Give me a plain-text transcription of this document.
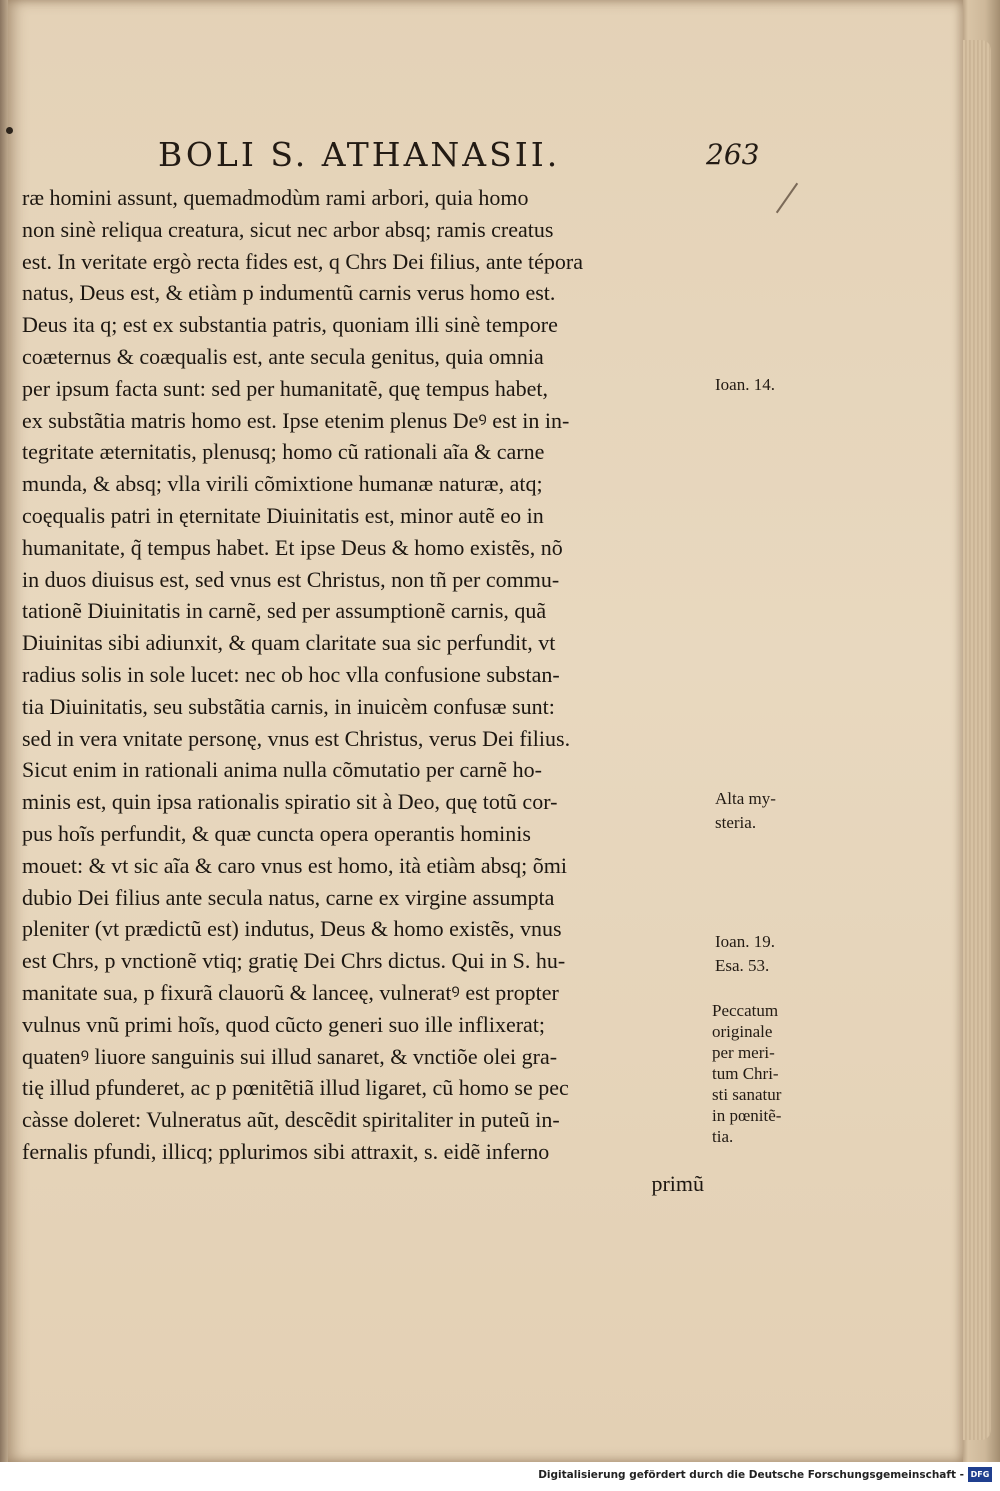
BOLI S. ATHANASII.	263
ræ homini assunt, quemadmodùm rami arbori, quia homo
non sinè reliqua creatura, sicut nec arbor absq; ramis creatus
est. In veritate ergò recta fides est, q Chrs Dei filius, ante tépora
natus, Deus est, & etiàm p indumentũ carnis verus homo est.
Deus ita q; est ex substantia patris, quoniam illi sinè tempore
coæternus & coæqualis est, ante secula genitus, quia omnia
per ipsum facta sunt: sed per humanitatẽ, quę tempus habet,
ex substãtia matris homo est. Ipse etenim plenus Deꝰ est in in-
tegritate æternitatis, plenusq; homo cũ rationali aĩa & carne
munda, & absq; vlla virili cõmixtione humanæ naturæ, atq;
coęqualis patri in ęternitate Diuinitatis est, minor autẽ eo in
humanitate, q̃ tempus habet. Et ipse Deus & homo existẽs, nõ
in duos diuisus est, sed vnus est Christus, non tñ per commu-
tationẽ Diuinitatis in carnẽ, sed per assumptionẽ carnis, quã
Diuinitas sibi adiunxit, & quam claritate sua sic perfundit, vt
radius solis in sole lucet: nec ob hoc vlla confusione substan-
tia Diuinitatis, seu substãtia carnis, in inuicèm confusæ sunt:
sed in vera vnitate personę, vnus est Christus, verus Dei filius.
Sicut enim in rationali anima nulla cõmutatio per carnẽ ho-
minis est, quin ipsa rationalis spiratio sit à Deo, quę totũ cor-
pus hoĩs perfundit, & quæ cuncta opera operantis hominis
mouet: & vt sic aĩa & caro vnus est homo, ità etiàm absq; õmi
dubio Dei filius ante secula natus, carne ex virgine assumpta
pleniter (vt prædictũ est) indutus, Deus & homo existẽs, vnus
est Chrs, p vnctionẽ vtiq; gratię Dei Chrs dictus. Qui in S. hu-
manitate sua, p fixurã clauorũ & lanceę, vulneratꝰ est propter
vulnus vnũ primi hoĩs, quod cũcto generi suo ille inflixerat;
quatenꝰ liuore sanguinis sui illud sanaret, & vnctiõe olei gra-
tię illud pfunderet, ac p pœnitẽtiã illud ligaret, cũ homo se pec
càsse doleret: Vulneratus aũt, descẽdit spiritaliter in puteũ in-
fernalis pfundi, illicq; pplurimos sibi attraxit, s. eidẽ inferno
primũ
Ioan. 14.
Alta my-
steria.
Ioan. 19.
Esa. 53.
Peccatum
originale
per meri-
tum Chri-
sti sanatur
in pœnitẽ-
tia.
Digitalisierung gefördert durch die Deutsche Forschungsgemeinschaft - DFG
